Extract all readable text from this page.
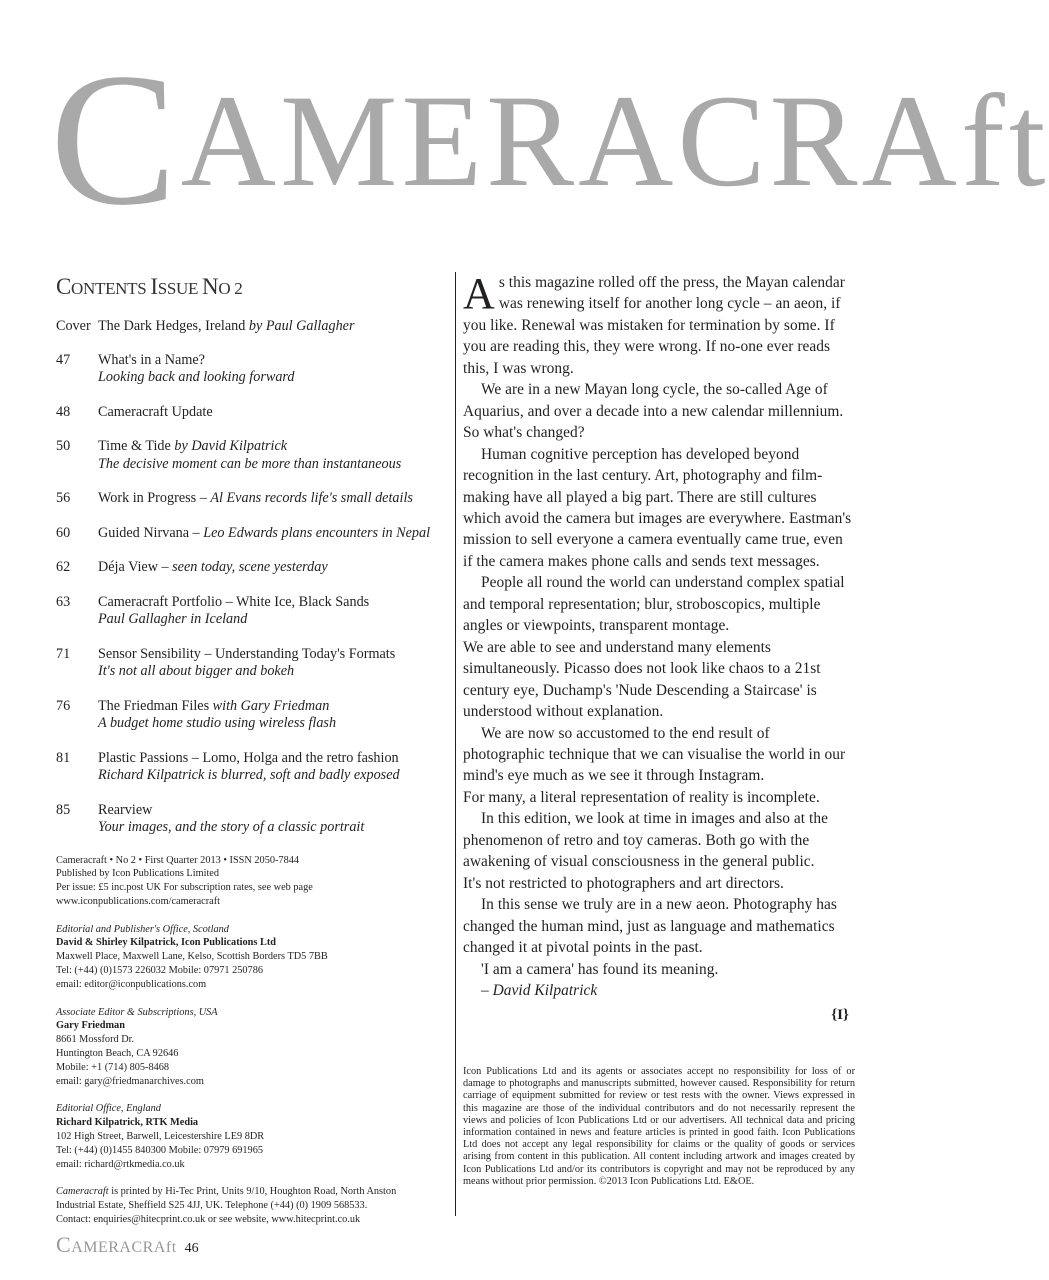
CAMERACRAft
CONTENTS ISSUE NO 2
Cover The Dark Hedges, Ireland by Paul Gallagher
47	What's in a Name?
Looking back and looking forward
48	Cameracraft Update
50	Time & Tide by David Kilpatrick
The decisive moment can be more than instantaneous
56	Work in Progress – Al Evans records life's small details
60	Guided Nirvana – Leo Edwards plans encounters in Nepal
62	Déja View – seen today, scene yesterday
63	Cameracraft Portfolio – White Ice, Black Sands
Paul Gallagher in Iceland
71	Sensor Sensibility – Understanding Today's Formats
It's not all about bigger and bokeh
76	The Friedman Files with Gary Friedman
A budget home studio using wireless flash
81	Plastic Passions – Lomo, Holga and the retro fashion
Richard Kilpatrick is blurred, soft and badly exposed
85	Rearview
Your images, and the story of a classic portrait

Cameracraft • No 2 • First Quarter 2013 • ISSN 2050-7844
Published by Icon Publications Limited
Per issue: £5 inc.post UK For subscription rates, see web page
www.iconpublications.com/cameracraft

Editorial and Publisher's Office, Scotland
David & Shirley Kilpatrick, Icon Publications Ltd
Maxwell Place, Maxwell Lane, Kelso, Scottish Borders TD5 7BB
Tel: (+44) (0)1573 226032 Mobile: 07971 250786
email: editor@iconpublications.com

Associate Editor & Subscriptions, USA
Gary Friedman
8661 Mossford Dr.
Huntington Beach, CA 92646
Mobile: +1 (714) 805-8468
email: gary@friedmanarchives.com

Editorial Office, England
Richard Kilpatrick, RTK Media
102 High Street, Barwell, Leicestershire LE9 8DR
Tel: (+44) (0)1455 840300 Mobile: 07979 691965
email: richard@rtkmedia.co.uk

Cameracraft is printed by Hi-Tec Print, Units 9/10, Houghton Road, North Anston
Industrial Estate, Sheffield S25 4JJ, UK. Telephone (+44) (0) 1909 568533.
Contact: enquiries@hitecprint.co.uk or see website, www.hitecprint.co.uk

As this magazine rolled off the press, the Mayan calendar was renewing itself for another long cycle – an aeon, if you like. Renewal was mistaken for termination by some. If you are reading this, they were wrong. If no-one ever reads this, I was wrong.

We are in a new Mayan long cycle, the so-called Age of Aquarius, and over a decade into a new calendar millennium. So what's changed?

Human cognitive perception has developed beyond recognition in the last century. Art, photography and film-making have all played a big part. There are still cultures which avoid the camera but images are everywhere. Eastman's mission to sell everyone a camera eventually came true, even if the camera makes phone calls and sends text messages.

People all round the world can understand complex spatial and temporal representation; blur, stroboscopics, multiple angles or viewpoints, transparent montage.

We are able to see and understand many elements simultaneously. Picasso does not look like chaos to a 21st century eye, Duchamp's 'Nude Descending a Staircase' is understood without explanation.

We are now so accustomed to the end result of photographic technique that we can visualise the world in our mind's eye much as we see it through Instagram.

For many, a literal representation of reality is incomplete.

In this edition, we look at time in images and also at the phenomenon of retro and toy cameras. Both go with the awakening of visual consciousness in the general public.

It's not restricted to photographers and art directors.

In this sense we truly are in a new aeon. Photography has changed the human mind, just as language and mathematics changed it at pivotal points in the past.

'I am a camera' has found its meaning.

– David Kilpatrick

{I}
Icon Publications Ltd and its agents or associates accept no responsibility for loss of or damage to photographs and manuscripts submitted, however caused. Responsibility for return carriage of equipment submitted for review or test rests with the owner. Views expressed in this magazine are those of the individual contributors and do not necessarily represent the views and policies of Icon Publications Ltd or our advertisers. All technical data and pricing information contained in news and feature articles is printed in good faith. Icon Publications Ltd does not accept any legal responsibility for claims or the quality of goods or services arising from content in this publication. All content including artwork and images created by Icon Publications Ltd and/or its contributors is copyright and may not be reproduced by any means without prior permission. ©2013 Icon Publications Ltd. E&OE.
CAMERACRAft 46
